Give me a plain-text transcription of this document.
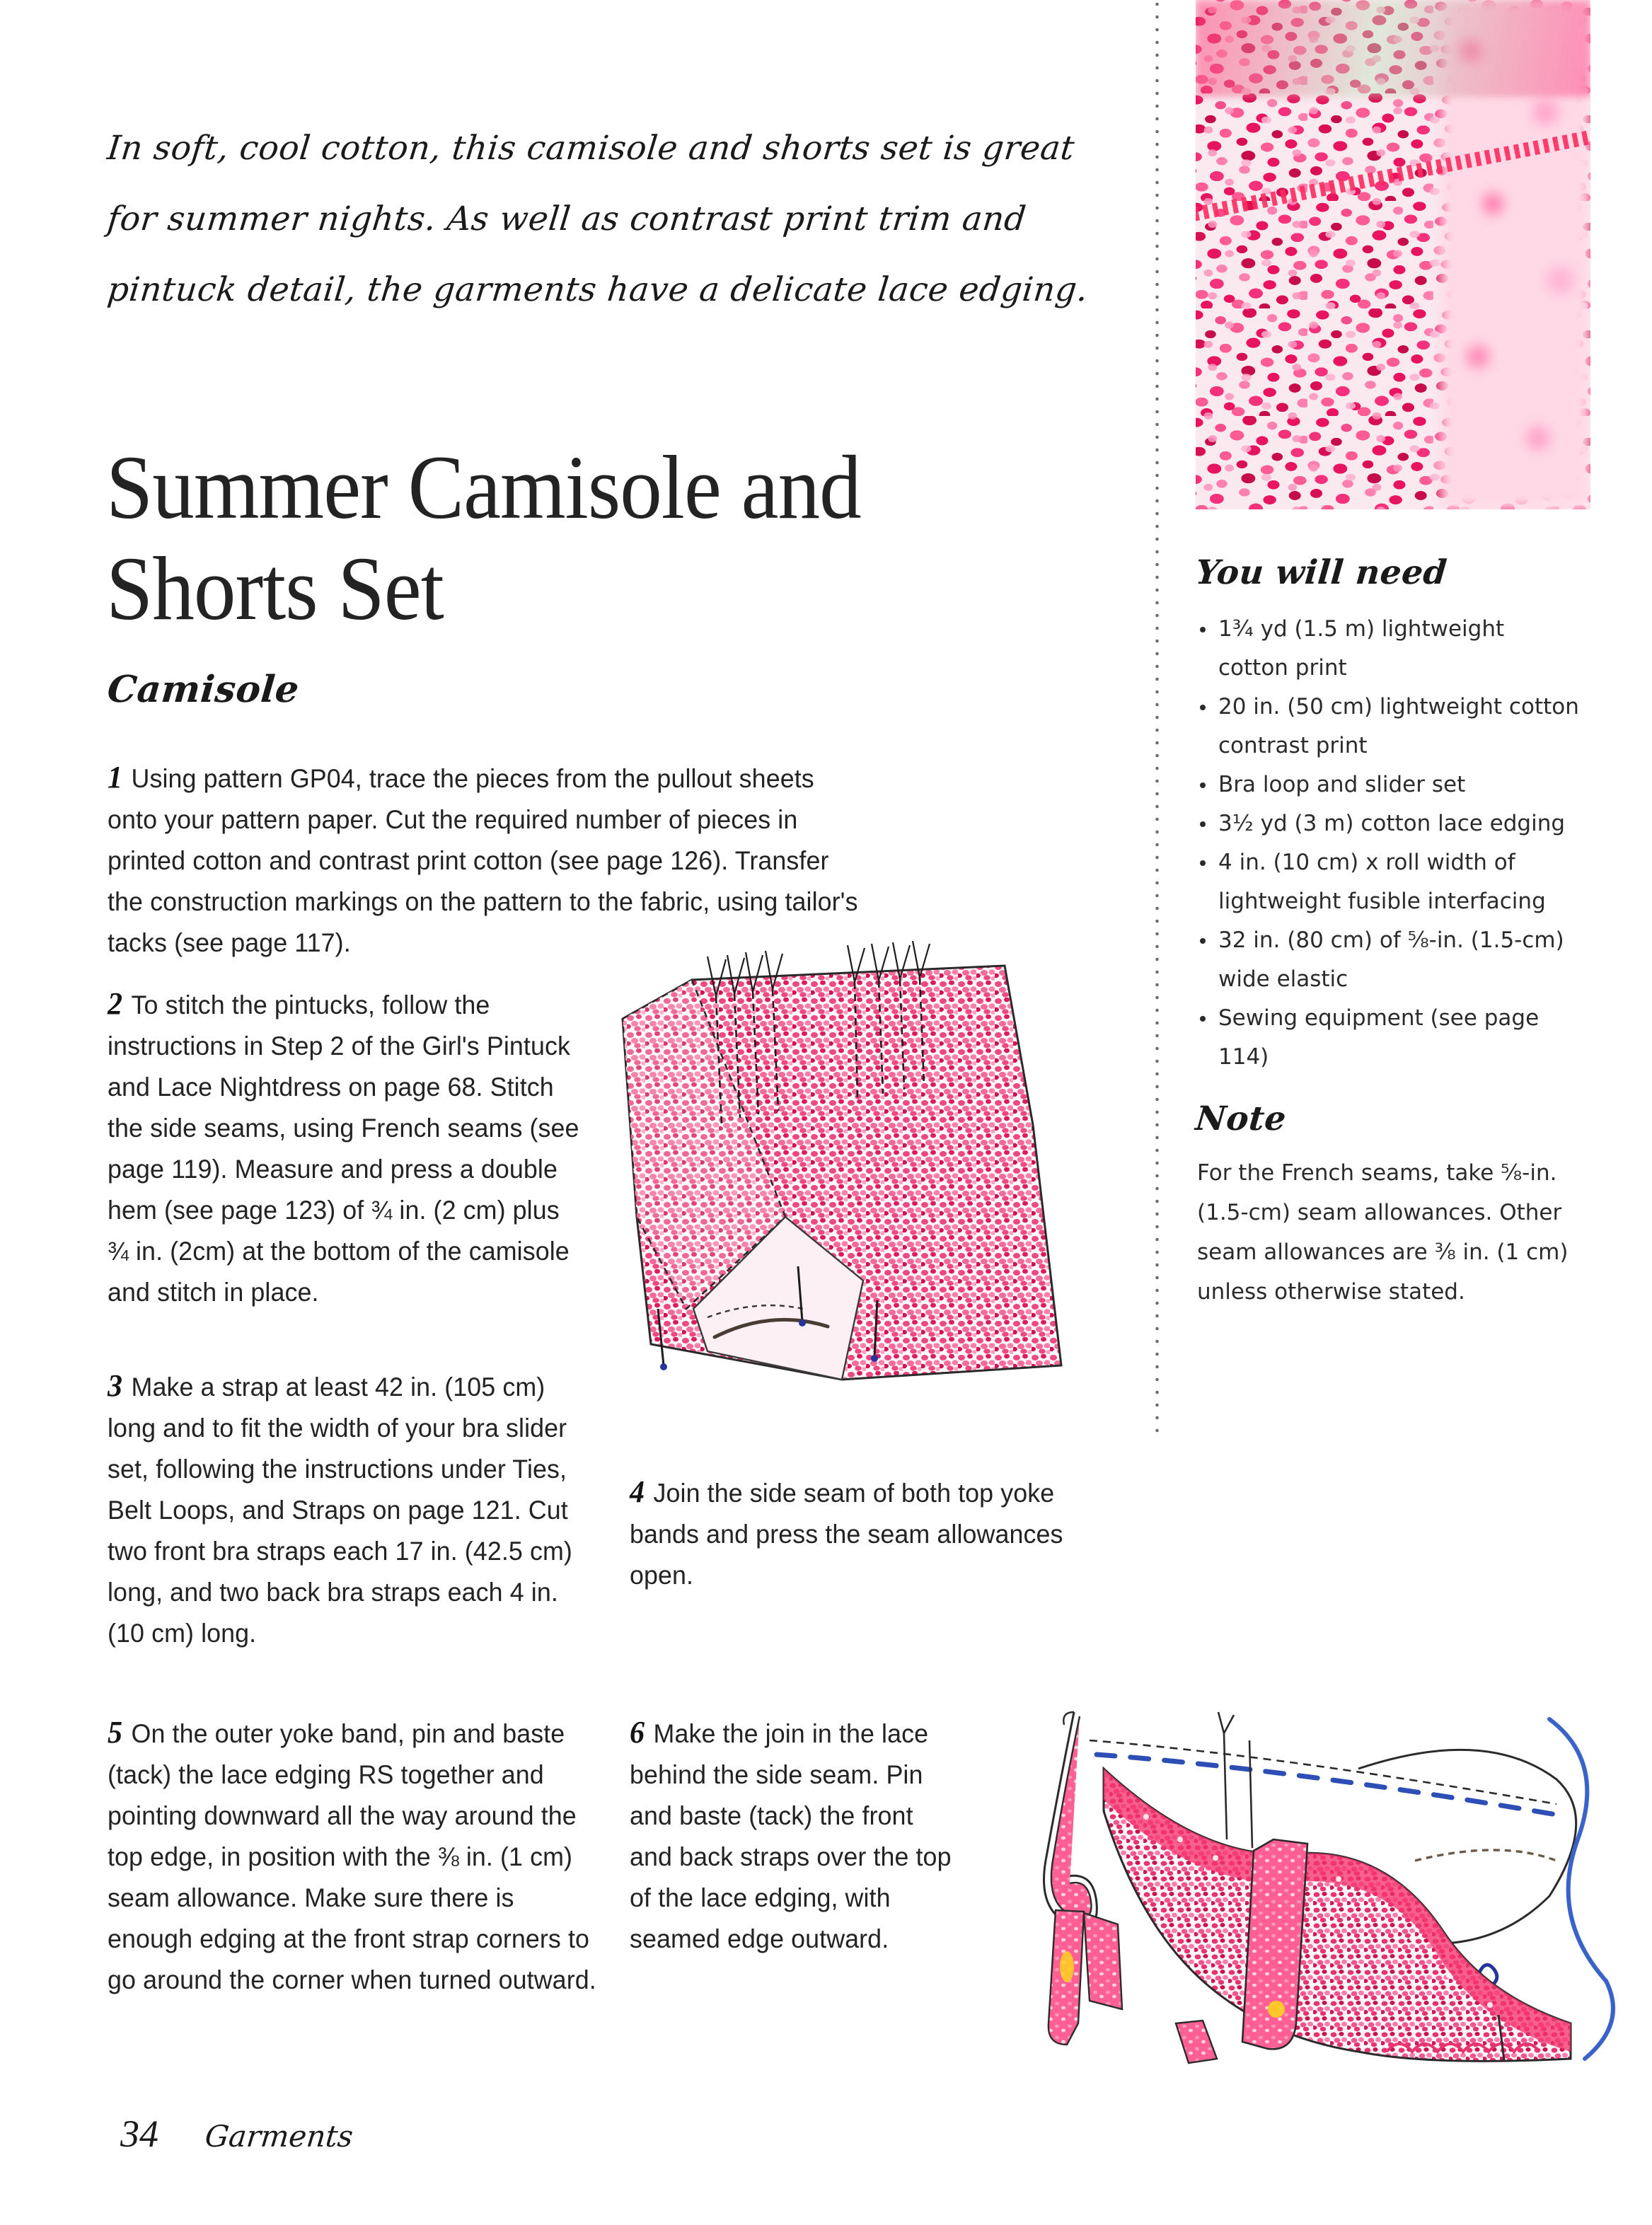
In soft, cool cotton, this camisole and shorts set is great
for summer nights. As well as contrast print trim and
pintuck detail, the garments have a delicate lace edging.
Summer Camisole and
Shorts Set
Camisole
1 Using pattern GP04, trace the pieces from the pullout sheets onto your pattern paper. Cut the required number of pieces in printed cotton and contrast print cotton (see page 126). Transfer the construction markings on the pattern to the fabric, using tailor's tacks (see page 117).
2 To stitch the pintucks, follow the instructions in Step 2 of the Girl's Pintuck and Lace Nightdress on page 68. Stitch the side seams, using French seams (see page 119). Measure and press a double hem (see page 123) of ¾ in. (2 cm) plus ¾ in. (2cm) at the bottom of the camisole and stitch in place.
3 Make a strap at least 42 in. (105 cm) long and to fit the width of your bra slider set, following the instructions under Ties, Belt Loops, and Straps on page 121. Cut two front bra straps each 17 in. (42.5 cm) long, and two back bra straps each 4 in. (10 cm) long.
4 Join the side seam of both top yoke bands and press the seam allowances open.
5 On the outer yoke band, pin and baste (tack) the lace edging RS together and pointing downward all the way around the top edge, in position with the ⅜ in. (1 cm) seam allowance. Make sure there is enough edging at the front strap corners to go around the corner when turned outward.
6 Make the join in the lace behind the side seam. Pin and baste (tack) the front and back straps over the top of the lace edging, with seamed edge outward.
You will need
1¾ yd (1.5 m) lightweight cotton print
20 in. (50 cm) lightweight cotton contrast print
Bra loop and slider set
3½ yd (3 m) cotton lace edging
4 in. (10 cm) x roll width of lightweight fusible interfacing
32 in. (80 cm) of ⅝-in. (1.5-cm) wide elastic
Sewing equipment (see page 114)
Note
For the French seams, take ⅝-in. (1.5-cm) seam allowances. Other seam allowances are ⅜ in. (1 cm) unless otherwise stated.
34 Garments
